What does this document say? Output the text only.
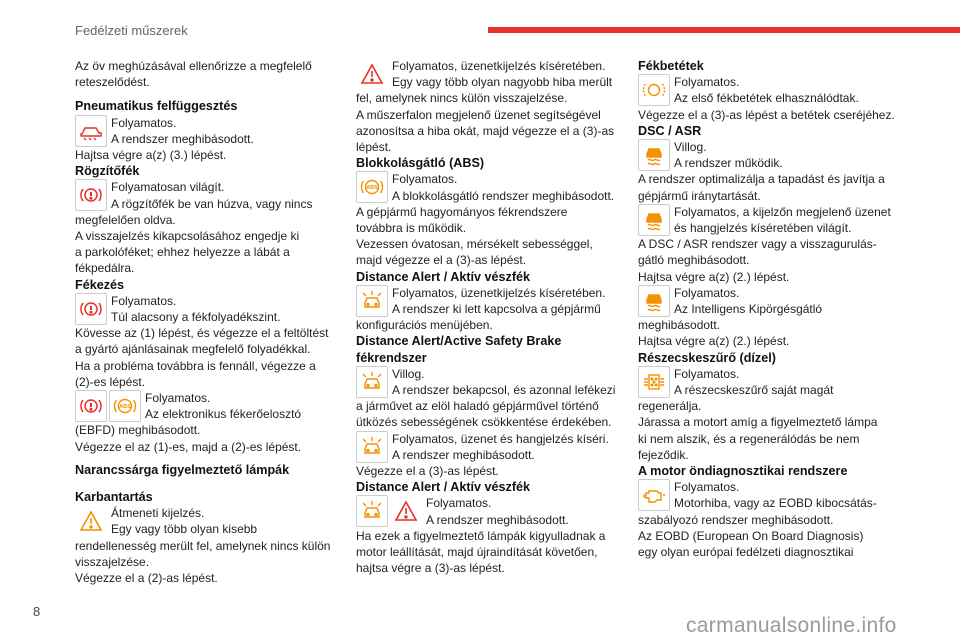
Fedélzeti műszerek

Az öv meghúzásával ellenőrizze a megfelelő reteszelődést.

Pneumatikus felfüggesztés

Folyamatos.

A rendszer meghibásodott.

Hajtsa végre a(z) (3.) lépést.

Rögzítőfék

Folyamatosan világít.

A rögzítőfék be van húzva, vagy nincs

megfelelően oldva.

A visszajelzés kikapcsolásához engedje ki

a parkolóféket; ehhez helyezze a lábát a

fékpedálra.

Fékezés

Folyamatos.

Túl alacsony a fékfolyadékszint.

Kövesse az (1) lépést, és végezze el a feltöltést

a gyártó ajánlásainak megfelelő folyadékkal.

Ha a probléma továbbra is fennáll, végezze a

(2)-es lépést.

ABS

Folyamatos.

Az elektronikus fékerőelosztó

(EBFD) meghibásodott.

Végezze el az (1)-es, majd a (2)-es lépést.

Narancssárga figyelmeztető lámpák

Karbantartás

Átmeneti kijelzés.

Egy vagy több olyan kisebb

rendellenesség merült fel, amelynek nincs külön

visszajelzése.

Végezze el a (2)-as lépést.

Folyamatos, üzenetkijelzés kíséretében.

Egy vagy több olyan nagyobb hiba merült

fel, amelynek nincs külön visszajelzése.

A műszerfalon megjelenő üzenet segítségével

azonosítsa a hiba okát, majd végezze el a (3)-as

lépést.

Blokkolásgátló (ABS)

ABS

Folyamatos.

A blokkolásgátló rendszer meghibásodott.

A gépjármű hagyományos fékrendszere

továbbra is működik.

Vezessen óvatosan, mérsékelt sebességgel,

majd végezze el a (3)-as lépést.

Distance Alert / Aktív vészfék

Folyamatos, üzenetkijelzés kíséretében.

A rendszer ki lett kapcsolva a gépjármű

konfigurációs menüjében.

Distance Alert/Active Safety Brake

fékrendszer

Villog.

A rendszer bekapcsol, és azonnal lefékezi

a járművet az elöl haladó gépjárművel történő

ütközés sebességének csökkentése érdekében.

Folyamatos, üzenet és hangjelzés kíséri.

A rendszer meghibásodott.

Végezze el a (3)-as lépést.

Distance Alert / Aktív vészfék

Folyamatos.

A rendszer meghibásodott.

Ha ezek a figyelmeztető lámpák kigyulladnak a

motor leállítását, majd újraindítását követően,

hajtsa végre a (3)-as lépést.

Fékbetétek

Folyamatos.

Az első fékbetétek elhasználódtak.

Végezze el a (3)-as lépést a betétek cseréjéhez.

DSC / ASR

Villog.

A rendszer működik.

A rendszer optimalizálja a tapadást és javítja a

gépjármű iránytartását.

Folyamatos, a kijelzőn megjelenő üzenet

és hangjelzés kíséretében világít.

A DSC / ASR rendszer vagy a visszagurulás-

gátló meghibásodott.

Hajtsa végre a(z) (2.) lépést.

Folyamatos.

Az Intelligens Kipörgésgátló

meghibásodott.

Hajtsa végre a(z) (2.) lépést.

Részecskeszűrő (dízel)

Folyamatos.

A részecskeszűrő saját magát

regenerálja.

Járassa a motort amíg a figyelmeztető lámpa

ki nem alszik, és a regenerálódás be nem

fejeződik.

A motor öndiagnosztikai rendszere

Folyamatos.

Motorhiba, vagy az EOBD kibocsátás-

szabályozó rendszer meghibásodott.

Az EOBD (European On Board Diagnosis)

egy olyan európai fedélzeti diagnosztikai

8
carmanualsonline.info
